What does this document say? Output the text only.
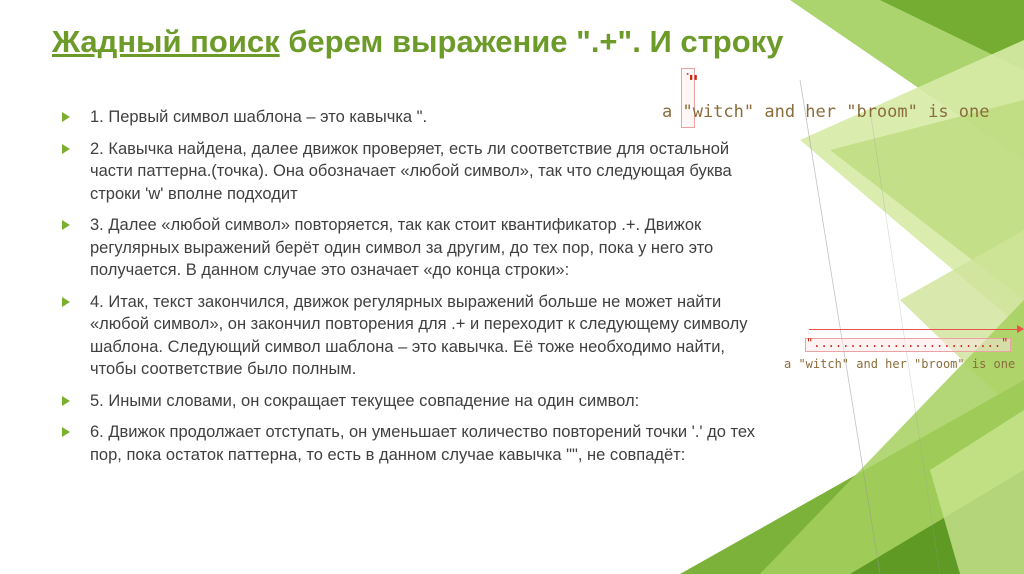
Жадный поиск берем выражение ".+". И строку
1. Первый символ шаблона – это кавычка ".
2. Кавычка найдена, далее движок проверяет, есть ли соответствие для остальной части паттерна.(точка). Она обозначает «любой символ», так что следующая буква строки 'w' вполне подходит
3. Далее «любой символ» повторяется, так как стоит квантификатор .+. Движок регулярных выражений берёт один символ за другим, до тех пор, пока у него это получается. В данном случае это означает «до конца строки»:
4. Итак, текст закончился, движок регулярных выражений больше не может найти «любой символ», он закончил повторения для .+ и переходит к следующему символу шаблона. Следующий символ шаблона – это кавычка. Её тоже необходимо найти, чтобы соответствие было полным.
5. Иными словами, он сокращает текущее совпадение на один символ:
6. Движок продолжает отступать, он уменьшает количество повторений точки '.' до тех пор, пока остаток паттерна, то есть в данном случае кавычка "", не совпадёт:
.
"
a "witch" and her "broom" is one
".........................."
a "witch" and her "broom" is one
